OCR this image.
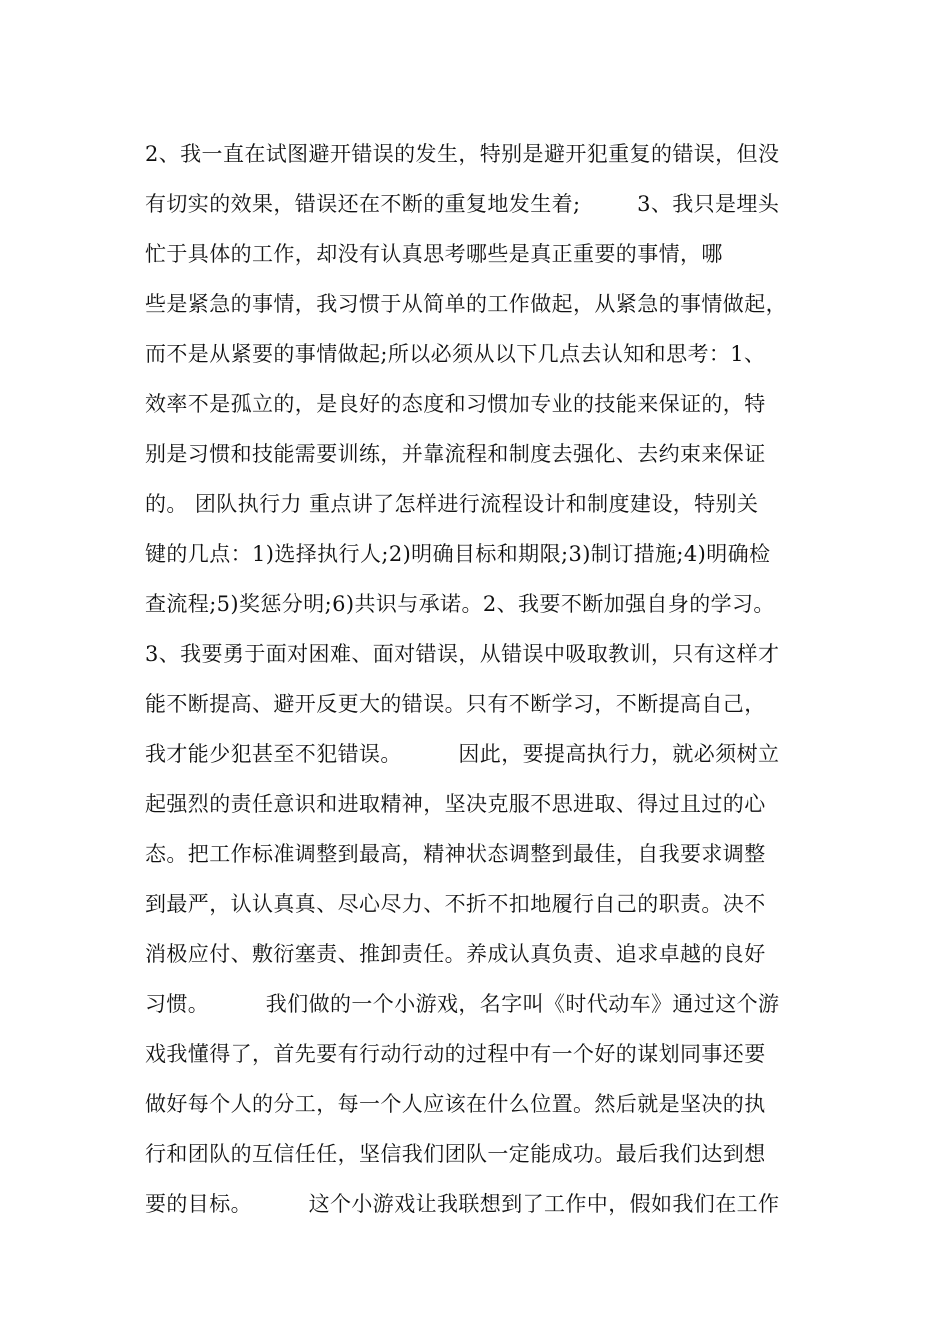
2、我一直在试图避开错误的发生，特别是避开犯重复的错误，但没
有切实的效果，错误还在不断的重复地发生着;        3、我只是埋头
忙于具体的工作，却没有认真思考哪些是真正重要的事情，哪
些是紧急的事情，我习惯于从简单的工作做起，从紧急的事情做起，
而不是从紧要的事情做起;所以必须从以下几点去认知和思考：1、
效率不是孤立的，是良好的态度和习惯加专业的技能来保证的，特
别是习惯和技能需要训练，并靠流程和制度去强化、去约束来保证
的。 团队执行力 重点讲了怎样进行流程设计和制度建设，特别关
键的几点：1)选择执行人;2)明确目标和期限;3)制订措施;4)明确检
查流程;5)奖惩分明;6)共识与承诺。2、我要不断加强自身的学习。
3、我要勇于面对困难、面对错误，从错误中吸取教训，只有这样才
能不断提高、避开反更大的错误。只有不断学习，不断提高自己，
我才能少犯甚至不犯错误。        因此，要提高执行力，就必须树立
起强烈的责任意识和进取精神，坚决克服不思进取、得过且过的心
态。把工作标准调整到最高，精神状态调整到最佳，自我要求调整
到最严，认认真真、尽心尽力、不折不扣地履行自己的职责。决不
消极应付、敷衍塞责、推卸责任。养成认真负责、追求卓越的良好
习惯。        我们做的一个小游戏，名字叫《时代动车》通过这个游
戏我懂得了，首先要有行动行动的过程中有一个好的谋划同事还要
做好每个人的分工，每一个人应该在什么位置。然后就是坚决的执
行和团队的互信任任，坚信我们团队一定能成功。最后我们达到想
要的目标。        这个小游戏让我联想到了工作中，假如我们在工作
